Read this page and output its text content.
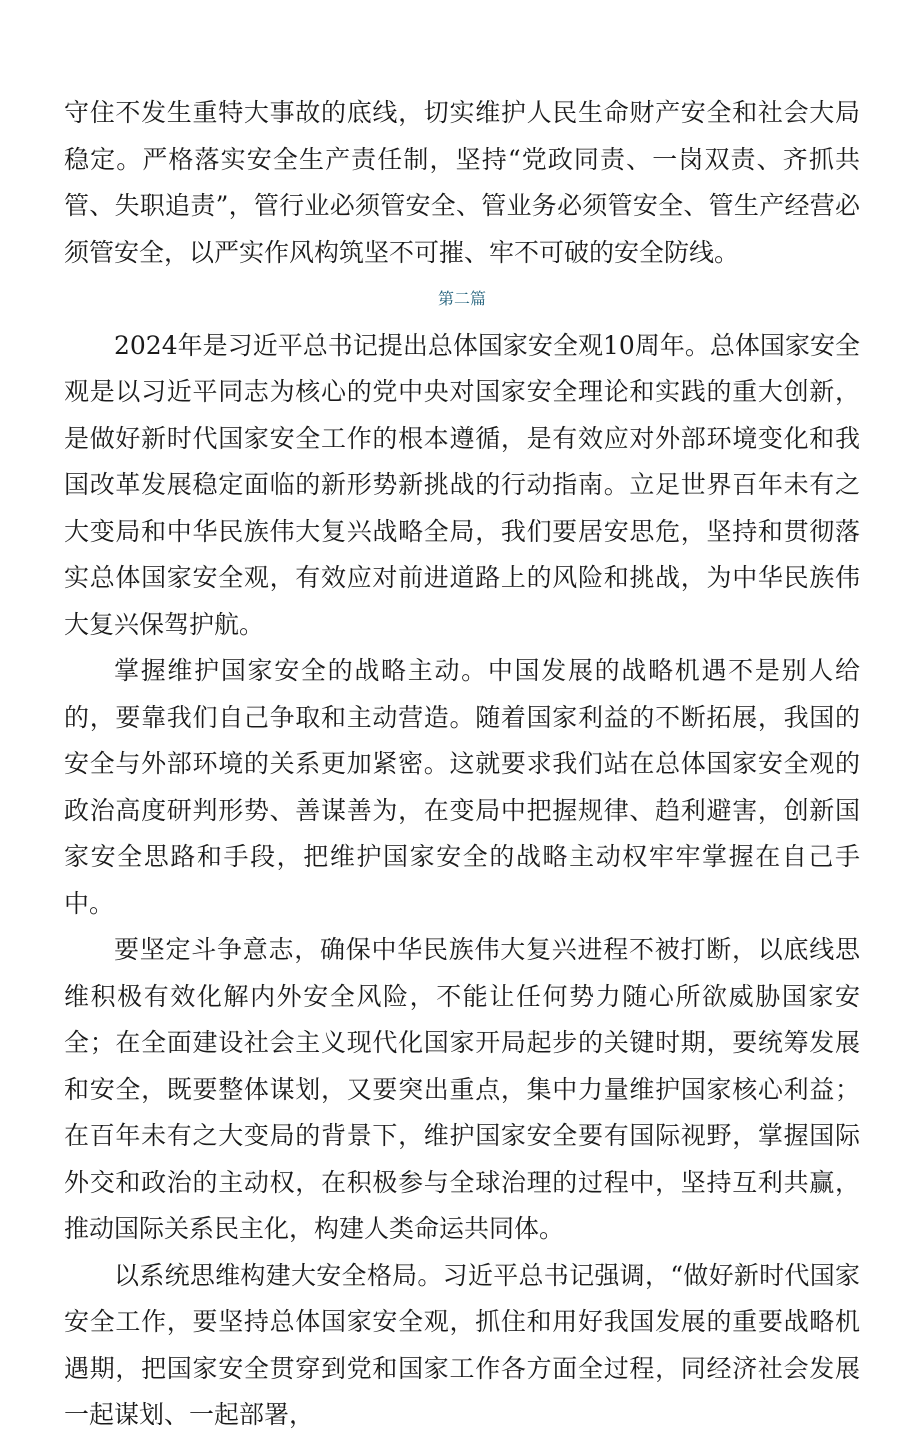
守住不发生重特大事故的底线，切实维护人民生命财产安全和社会大局稳定。严格落实安全生产责任制，坚持“党政同责、一岗双责、齐抓共管、失职追责”，管行业必须管安全、管业务必须管安全、管生产经营必须管安全，以严实作风构筑坚不可摧、牢不可破的安全防线。

第二篇

2024年是习近平总书记提出总体国家安全观10周年。总体国家安全观是以习近平同志为核心的党中央对国家安全理论和实践的重大创新，是做好新时代国家安全工作的根本遵循，是有效应对外部环境变化和我国改革发展稳定面临的新形势新挑战的行动指南。立足世界百年未有之大变局和中华民族伟大复兴战略全局，我们要居安思危，坚持和贯彻落实总体国家安全观，有效应对前进道路上的风险和挑战，为中华民族伟大复兴保驾护航。

掌握维护国家安全的战略主动。中国发展的战略机遇不是别人给的，要靠我们自己争取和主动营造。随着国家利益的不断拓展，我国的安全与外部环境的关系更加紧密。这就要求我们站在总体国家安全观的政治高度研判形势、善谋善为，在变局中把握规律、趋利避害，创新国家安全思路和手段，把维护国家安全的战略主动权牢牢掌握在自己手中。

要坚定斗争意志，确保中华民族伟大复兴进程不被打断，以底线思维积极有效化解内外安全风险，不能让任何势力随心所欲威胁国家安全；在全面建设社会主义现代化国家开局起步的关键时期，要统筹发展和安全，既要整体谋划，又要突出重点，集中力量维护国家核心利益；在百年未有之大变局的背景下，维护国家安全要有国际视野，掌握国际外交和政治的主动权，在积极参与全球治理的过程中，坚持互利共赢，推动国际关系民主化，构建人类命运共同体。

以系统思维构建大安全格局。习近平总书记强调，“做好新时代国家安全工作，要坚持总体国家安全观，抓住和用好我国发展的重要战略机遇期，把国家安全贯穿到党和国家工作各方面全过程，同经济社会发展一起谋划、一起部署，
